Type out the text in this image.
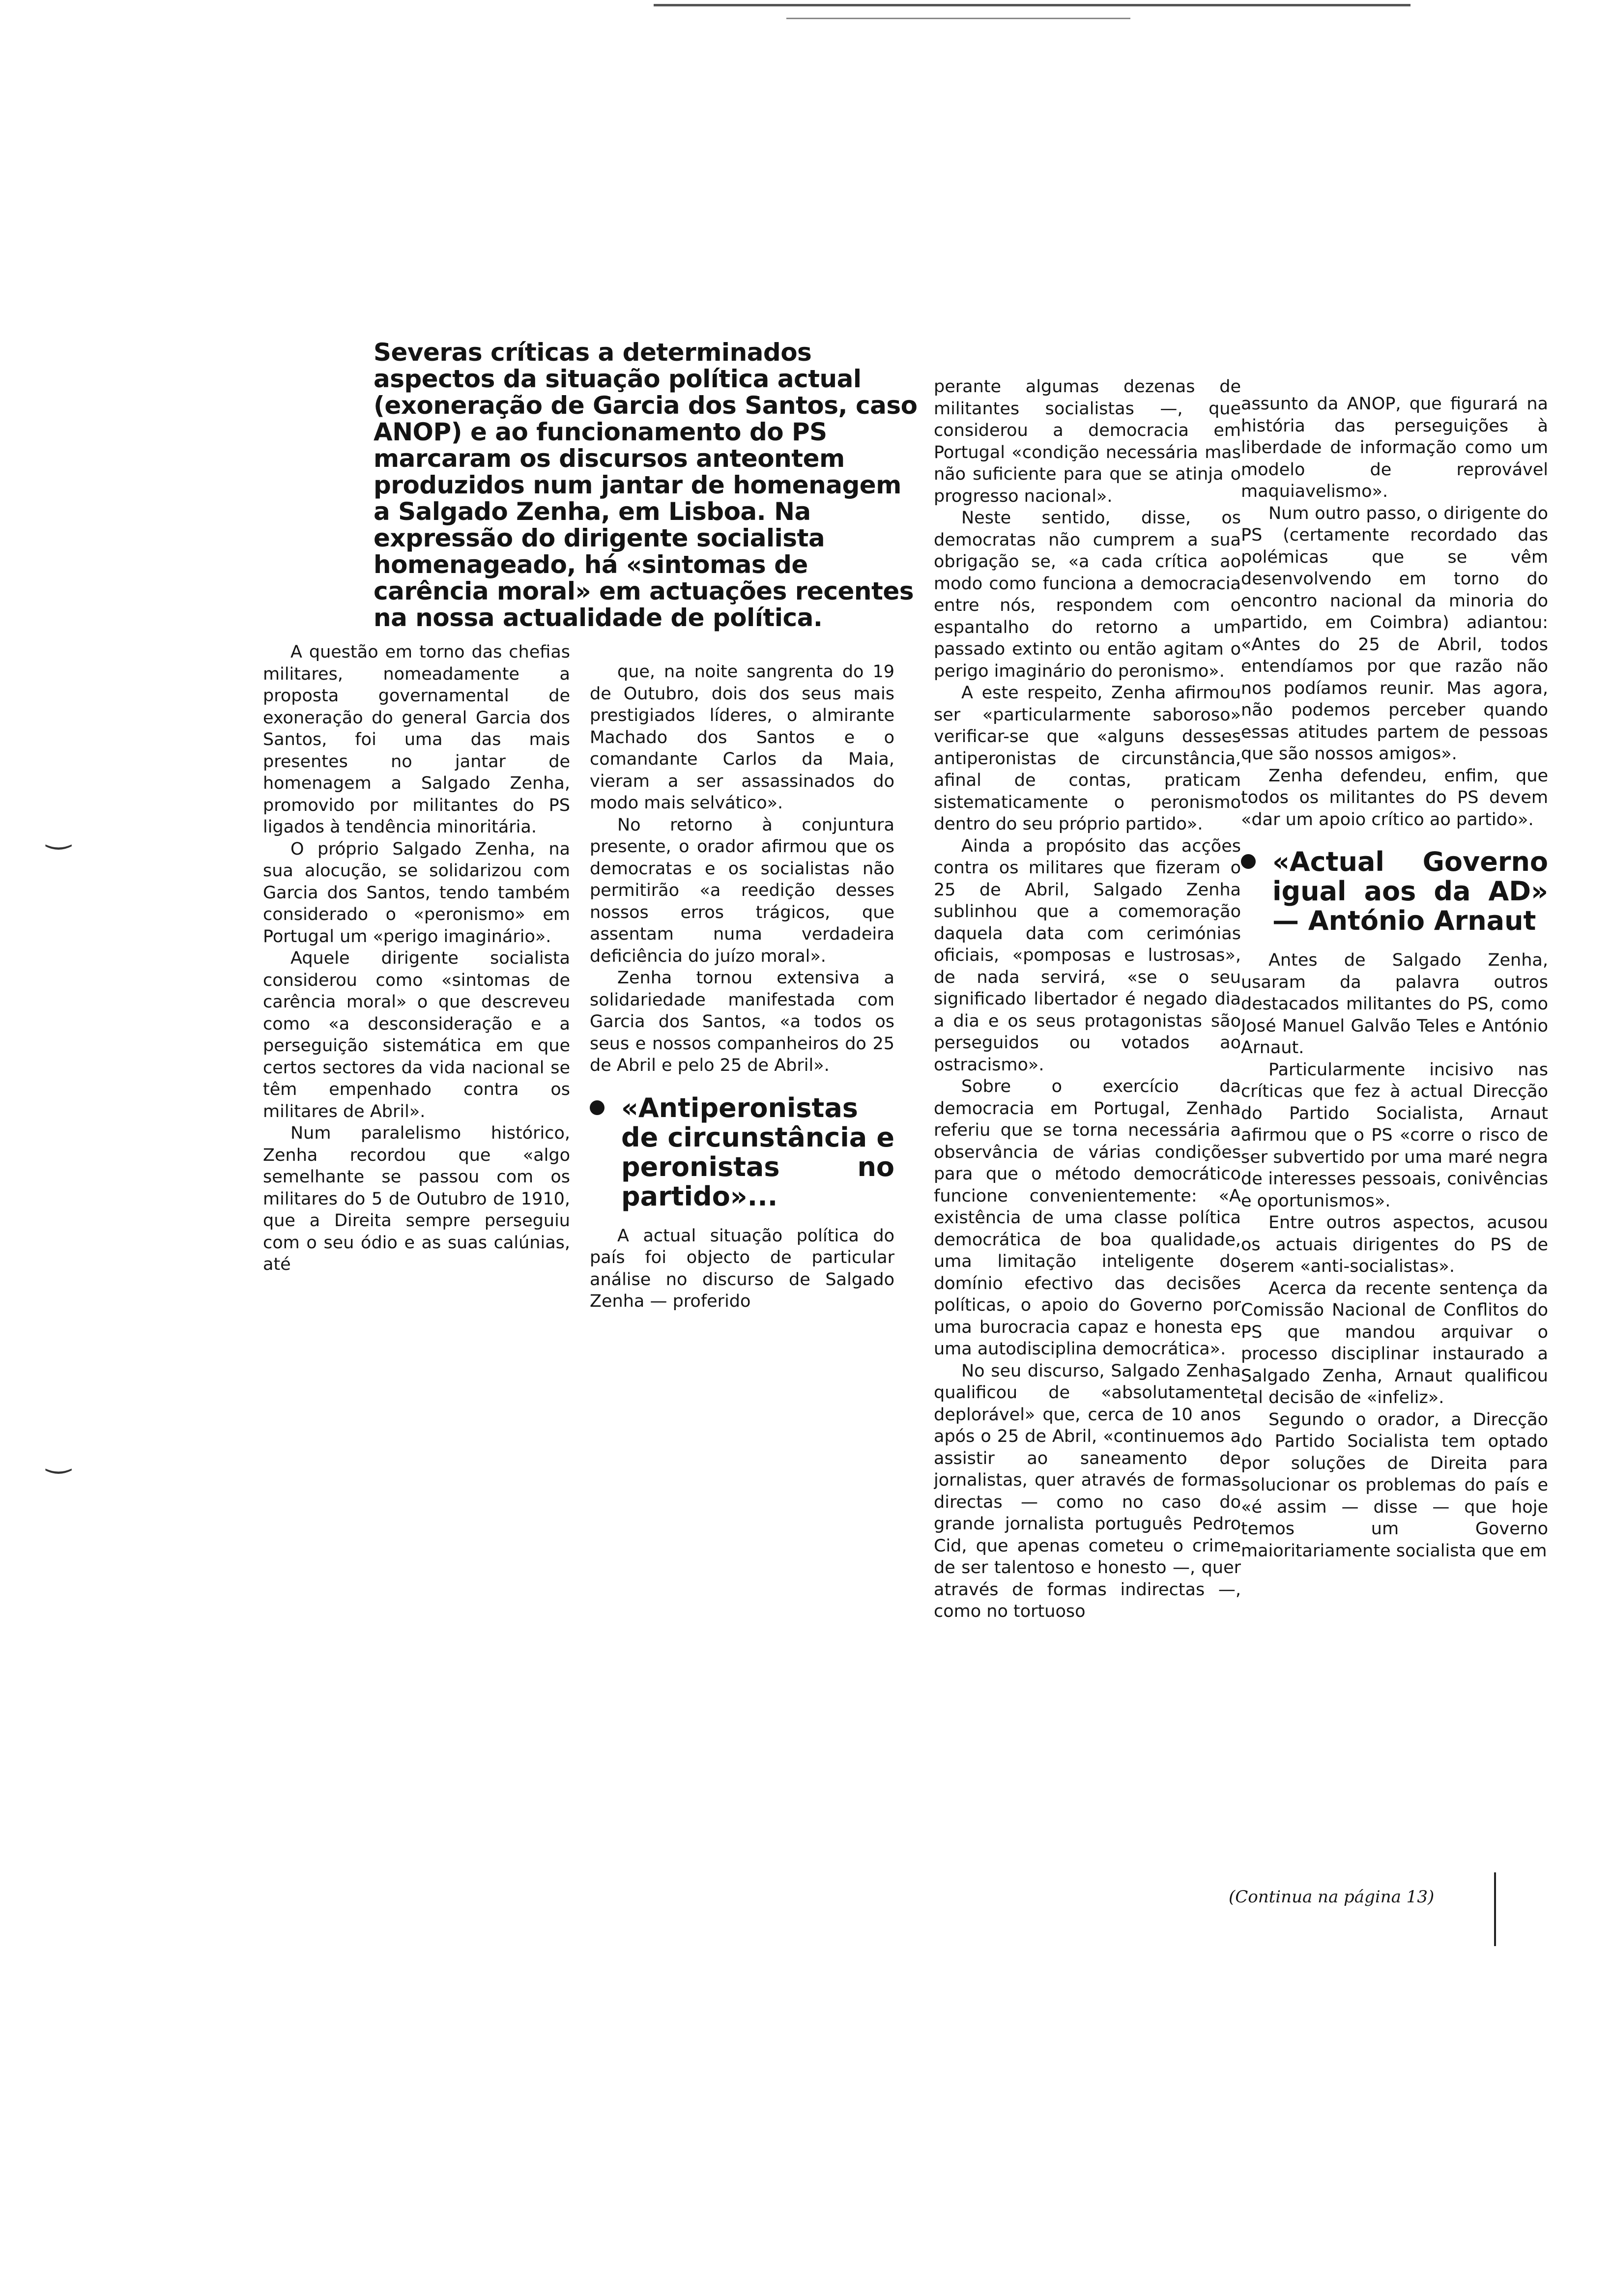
‿
‿
Severas críticas a determinados aspectos da situação política actual (exoneração de Garcia dos Santos, caso ANOP) e ao funcionamento do PS marcaram os discursos anteontem produzidos num jantar de homenagem a Salgado Zenha, em Lisboa. Na expressão do dirigente socialista homenageado, há «sintomas de carência moral» em actuações recentes na nossa actualidade de política.

A questão em torno das chefias militares, nomeadamente a proposta governamental de exoneração do general Garcia dos Santos, foi uma das mais presentes no jantar de homenagem a Salgado Zenha, promovido por militantes do PS ligados à tendência minoritária.

O próprio Salgado Zenha, na sua alocução, se solidarizou com Garcia dos Santos, tendo também considerado o «peronismo» em Portugal um «perigo imaginário».

Aquele dirigente socialista considerou como «sintomas de carência moral» o que descreveu como «a desconsideração e a perseguição sistemática em que certos sectores da vida nacional se têm empenhado contra os militares de Abril».

Num paralelismo histórico, Zenha recordou que «algo semelhante se passou com os militares do 5 de Outubro de 1910, que a Direita sempre perseguiu com o seu ódio e as suas calúnias, até

que, na noite sangrenta do 19 de Outubro, dois dos seus mais prestigiados líderes, o almirante Machado dos Santos e o comandante Carlos da Maia, vieram a ser assassinados do modo mais selvático».

No retorno à conjuntura presente, o orador afirmou que os democratas e os socialistas não permitirão «a reedição desses nossos erros trágicos, que assentam numa verdadeira deficiência do juízo moral».

Zenha tornou extensiva a solidariedade manifestada com Garcia dos Santos, «a todos os seus e nossos companheiros do 25 de Abril e pelo 25 de Abril».

«Antiperonistas de circunstância e peronistas no partido»...

A actual situação política do país foi objecto de particular análise no discurso de Salgado Zenha — proferido

perante algumas dezenas de militantes socialistas —, que considerou a democracia em Portugal «condição necessária mas não suficiente para que se atinja o progresso nacional».

Neste sentido, disse, os democratas não cumprem a sua obrigação se, «a cada crítica ao modo como funciona a democracia entre nós, respondem com o espantalho do retorno a um passado extinto ou então agitam o perigo imaginário do peronismo».

A este respeito, Zenha afirmou ser «particularmente saboroso» verificar-se que «alguns desses antiperonistas de circunstância, afinal de contas, praticam sistematicamente o peronismo dentro do seu próprio partido».

Ainda a propósito das acções contra os militares que fizeram o 25 de Abril, Salgado Zenha sublinhou que a comemoração daquela data com cerimónias oficiais, «pomposas e lustrosas», de nada servirá, «se o seu significado libertador é negado dia a dia e os seus protagonistas são perseguidos ou votados ao ostracismo».

Sobre o exercício da democracia em Portugal, Zenha referiu que se torna necessária a observância de várias condições para que o método democrático funcione convenientemente: «A existência de uma classe política democrática de boa qualidade, uma limitação inteligente do domínio efectivo das decisões políticas, o apoio do Governo por uma burocracia capaz e honesta e uma autodisciplina democrática».

No seu discurso, Salgado Zenha qualificou de «absolutamente deplorável» que, cerca de 10 anos após o 25 de Abril, «continuemos a assistir ao saneamento de jornalistas, quer através de formas directas — como no caso do grande jornalista português Pedro Cid, que apenas cometeu o crime de ser talentoso e honesto —, quer através de formas indirectas —, como no tortuoso

assunto da ANOP, que figurará na história das perseguições à liberdade de informação como um modelo de reprovável maquiavelismo».

Num outro passo, o dirigente do PS (certamente recordado das polémicas que se vêm desenvolvendo em torno do encontro nacional da minoria do partido, em Coimbra) adiantou: «Antes do 25 de Abril, todos entendíamos por que razão não nos podíamos reunir. Mas agora, não podemos perceber quando essas atitudes partem de pessoas que são nossos amigos».

Zenha defendeu, enfim, que todos os militantes do PS devem «dar um apoio crítico ao partido».

«Actual Governo igual aos da AD» — António Arnaut

Antes de Salgado Zenha, usaram da palavra outros destacados militantes do PS, como José Manuel Galvão Teles e António Arnaut.

Particularmente incisivo nas críticas que fez à actual Direcção do Partido Socialista, Arnaut afirmou que o PS «corre o risco de ser subvertido por uma maré negra de interesses pessoais, conivências e oportunismos».

Entre outros aspectos, acusou os actuais dirigentes do PS de serem «anti-socialistas».

Acerca da recente sentença da Comissão Nacional de Conflitos do PS que mandou arquivar o processo disciplinar instaurado a Salgado Zenha, Arnaut qualificou tal decisão de «infeliz».

Segundo o orador, a Direcção do Partido Socialista tem optado por soluções de Direita para solucionar os problemas do país e «é assim — disse — que hoje temos um Governo maioritariamente socialista que em

(Continua na página 13)
